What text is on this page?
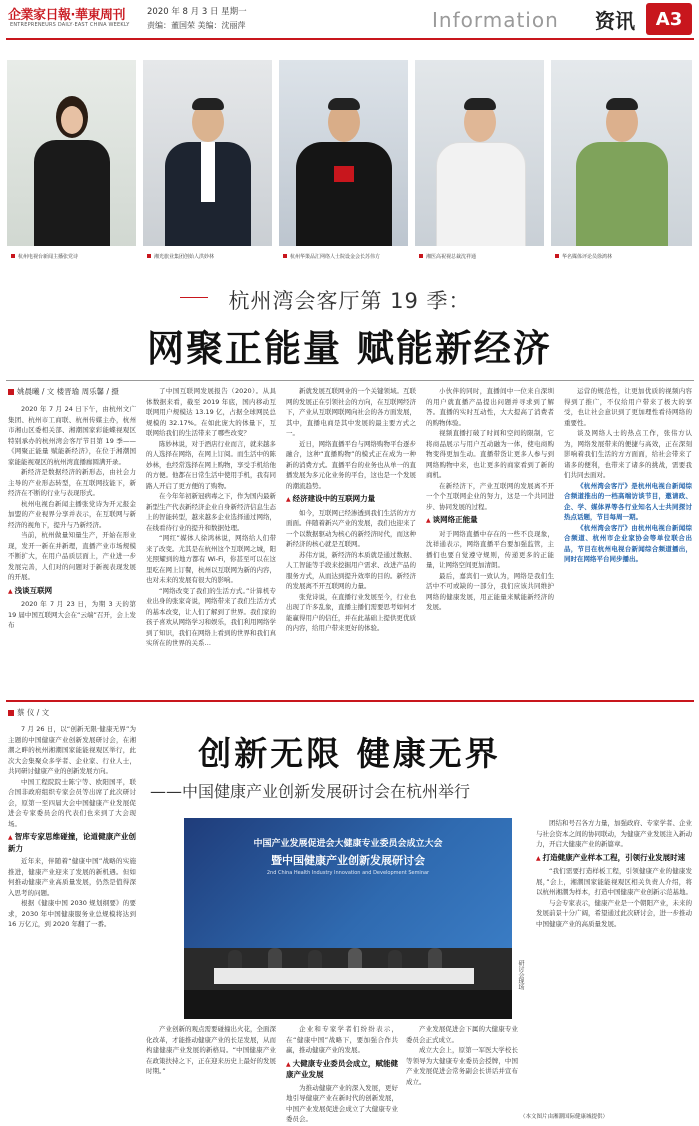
企業家日報·華東周刊
ENTREPRENEURS DAILY·EAST CHINA WEEKLY
2020 年 8 月 3 日 星期一
责编：董国荣 美编：沈丽萍	Information 资讯	A3
杭州电视台新闻主播张党诗	湘光旅业集团创始人洪妙林	杭州华策品汇网络人士院设金会长苏伟方	湘医高祝视总裁沈祥通	华名媒体评论员徐鸿林
杭州湾会客厅第 19 季：
网聚正能量 赋能新经济
姚晨曦 / 文 楼晋瑜 周乐馨 / 摄

2020 年 7 月 24 日下午，由杭州文广集团、杭州市工商联、杭州传媒主办，杭州市湘山区委相关部、湘潮国家彩能蝶视观区特别承办的杭州湾会客厅节目第 19 季——《网聚正能量 赋能新经济》，在位于湘潮国家能能视观区的杭州湾直播廊圆满开录。

新经济是数据经济的新形态，由社会力主导的产业形态转型，在互联网技能下，新经济在不断的行业与表现形式。

杭州电视台新闻主播张党诗为开元报金加盟的产业视界分享并表示，在互联网与新经济的视角下，提升与乃新经济。

当前，杭州做量知量生产，开始在形业现，发开一新在并新理，直播产业市场规模不断扩大，在用户品质层面上，产业进一步发展完善，人们对的问题对于新视表现发展的开展。

▲ 浅谈互联网

2020 年 7 月 23 日，为期 3 天的第 19 届中国互联网大会在“云端”召开，会上发布

了中国互联网发展报告（2020）。从具体数据来看，截至 2019 年底，国内移动互联网用户规模达 13.19 亿，占据全球网民总规模的 32.17%。在如此庞大的体量下，互联网给我们的生活带来了哪些改变？

陈妙林说，对于酒店行业而言，就来越多的人选择在网络，在网上订阅。而生活中的陈妙林，也经常选择在网上购物，享受手机给他的方便。他都在日常生活中使用手机，我有同路人开启了更方便的了购物。

在今年年初新冠病毒之下，作为国内最新新型生产代表新经济企业自身新经济信息生态上的智能转型，越来越多企业选择通过网络，在线看待行业的提升和数据处理。

“网红”媒体人徐鸿林说，网络给人们带来了改变。尤其是在杭州这个互联网之城，阳光照耀到的地方都有 Wi-Fi，你甚至可以在这里吃在网上订餐，杭州以互联网为新的内容，也对未来的发展有很大的影响。

“网络改变了我们的生活方式。”计算机专业出身的张家奇说，网络带来了我们生活方式的基本改变，让人们了解到了世界。我们家的孩子喜欢从网络学习和娱乐，我们利用网络学到了知识，我们在网络上看到的世界和我们真实所在的世界的关系…

新就发展互联网业的一个关键领域。互联网的发展正在引领社会的方向，在互联网经济下，产业从互联网联网向社会的各方面发展，其中，直播电商是其中发展的最主要方式之一。

近日，网络直播平台与网络购物平台逐步融合，这种“直播购物”的模式正在成为一种新的消费方式。直播平台的业务也从单一的直播发展为多元化业务的平台，这也是一个发展的潮流趋势。

▲ 经济建设中的互联网力量

如今，互联网已经渗透到我们生活的方方面面。伴随着新兴产业的发展，我们也迎来了一个以数据驱动为核心的新经济时代，而这种新经济的核心就是互联网。

苏伟方说，新经济的本质就是通过数据、人工智能等手段来挖掘用户需求、改进产品的服务方式，从而达到提升效率的目的。新经济的发展离不开互联网的力量。

张党诗说，在直播行业发展至今，行业也出现了许多乱象，直播主播们需要思考如何才能赢得用户的信任，并在此基础上提供更优质的内容，给用户带来更好的体验。

小伙伴的同时，直播间中一位来自深圳的用户就直播产品提出问题并寻求到了解答。直播的实时互动性，大大提高了消费者的购物体验。

视频直播打破了时间和空间的限制，它将商品展示与用户互动融为一体，使电商购物变得更加生动。直播带货让更多人参与到网络购物中来，也让更多的商家看到了新的商机。

在新经济下，产业互联网的发展离不开一个个互联网企业的努力，这是一个共同进步、协同发展的过程。

▲ 谈网络正能量

对于网络直播中存在的一些不良现象，沈祥通表示，网络直播平台要加强监管，主播们也要自觉遵守规则，传递更多的正能量，让网络空间更加清朗。

最后，嘉宾们一致认为，网络是我们生活中不可或缺的一部分，我们应该共同维护网络的健康发展，用正能量来赋能新经济的发展。

运营的规范性，让更加优质的视频内容得到了推广，不仅给用户带来了极大的享受，也让社会意识到了更加理性看待网络的重要性。

谈及网络人士的热点工作，张伟方认为，网络发展带来的便捷与高效，正在深刻影响着我们生活的方方面面，给社会带来了诸多的便利，也带来了诸多的挑战，需要我们共同去面对。

《杭州湾会客厅》是杭州电视台新闻综合频道推出的一档高端访谈节目，邀请政、企、学、媒体界等各行业知名人士共同探讨热点话题，节目每周一期。

《杭州湾会客厅》由杭州电视台新闻综合频道、杭州市企业家协会等单位联合出品，节目在杭州电视台新闻综合频道播出，同时在网络平台同步播出。

蔡 仪 / 文
创新无限 健康无界
——中国健康产业创新发展研讨会在杭州举行

7 月 26 日，以“创新无限·健康无界”为主题的中国健康产业创新发展研讨会，在湘潮之畔的杭州湘潮国家能能视观区举行，此次大会集聚众多学者、企业家、行业人士，共同研讨健康产业的创新发展方向。

中国工程院院士陈宁等、欧阳国平，联合国非政府组织专家会员等出席了此次研讨会，原第一至四届大会中国健康产业发展促进会专家委员会的代表们也来到了大会现场。

▲ 智库专家思维碰撞，论道健康产业创新力

近年来，伴随着“健康中国”战略的实施推进，健康产业迎来了发展的新机遇。但如何推动健康产业高质量发展，仍然是值得深入思考的问题。

根据《健康中国 2030 规划纲要》的要求，2030 年中国健康服务业总规模将达到 16 万亿元，到 2020 年翻了一番。

中国产业发展促进会大健康专业委员会成立大会
暨中国健康产业创新发展研讨会
2nd China Health Industry Innovation and Development Seminar
研讨会现场

产业创新的观点需要碰撞出火花，全面深化改革，才能推动健康产业的长足发展，从而构建健康产业发展的新格局。“中国健康产业在政策扶持之下，正在迎来历史上最好的发展时期。”

企业和专家学者们纷纷表示，在“健康中国”战略下，要加强合作共赢，推动健康产业的发展。

▲ 大健康专业委员会成立，赋能健康产业发展

为推动健康产业的深入发展，更好地引导健康产业在新时代的创新发展，中国产业发展促进会成立了大健康专业委员会。

产业发展促进会下属的大健康专业委员会正式成立。

成立大会上，原第一军医大学校长等领导为大健康专业委员会授牌，中国产业发展促进会常务副会长讲话并宣布成立。

团结和号召各方力量，加强政府、专家学者、企业与社会资本之间的协同联动，为健康产业发展注入新动力，开启大健康产业的新篇章。

▲ 打造健康产业样本工程，引领行业发展时速

“我们需要打造样板工程，引领健康产业的健康发展，”会上，湘潮国家能能视观区相关负责人介绍，将以杭州湘潮为样本，打造中国健康产业创新示范基地。

与会专家表示，健康产业是一个朝阳产业，未来的发展前景十分广阔，希望通过此次研讨会，进一步推动中国健康产业的高质量发展。

（本文图片由湘潮国际健康城提供）
